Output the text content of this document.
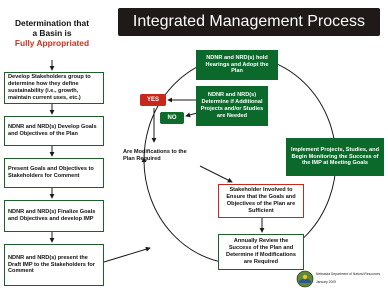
Integrated Management Process
Determination that
a Basin is
Fully Appropriated
Develop Stakeholders group to determine how they define sustainability (i.e., growth, maintain current uses, etc.)
NDNR and NRD(s) Develop Goals and Objectives of the Plan
Present Goals and Objectives to Stakeholders for Comment
NDNR and NRD(s) Finalize Goals and Objectives and develop IMP
NDNR and NRD(s) present the Draft IMP to the Stakeholders for Comment
NDNR and NRD(s) hold Hearings and Adopt the Plan
NDNR and NRD(s) Determine if Additional Projects and/or Studies are Needed
Implement Projects, Studies, and Begin Monitoring the Success of the IMP at Meeting Goals
Are Modifications to the Plan Required
Stakeholder Involved to Ensure that the Goals and Objectives of the Plan are Sufficient
Annually Review the Success of the Plan and Determine if Modifications are Required
YES
NO
Nebraska Department of Natural Resources
January 2009
